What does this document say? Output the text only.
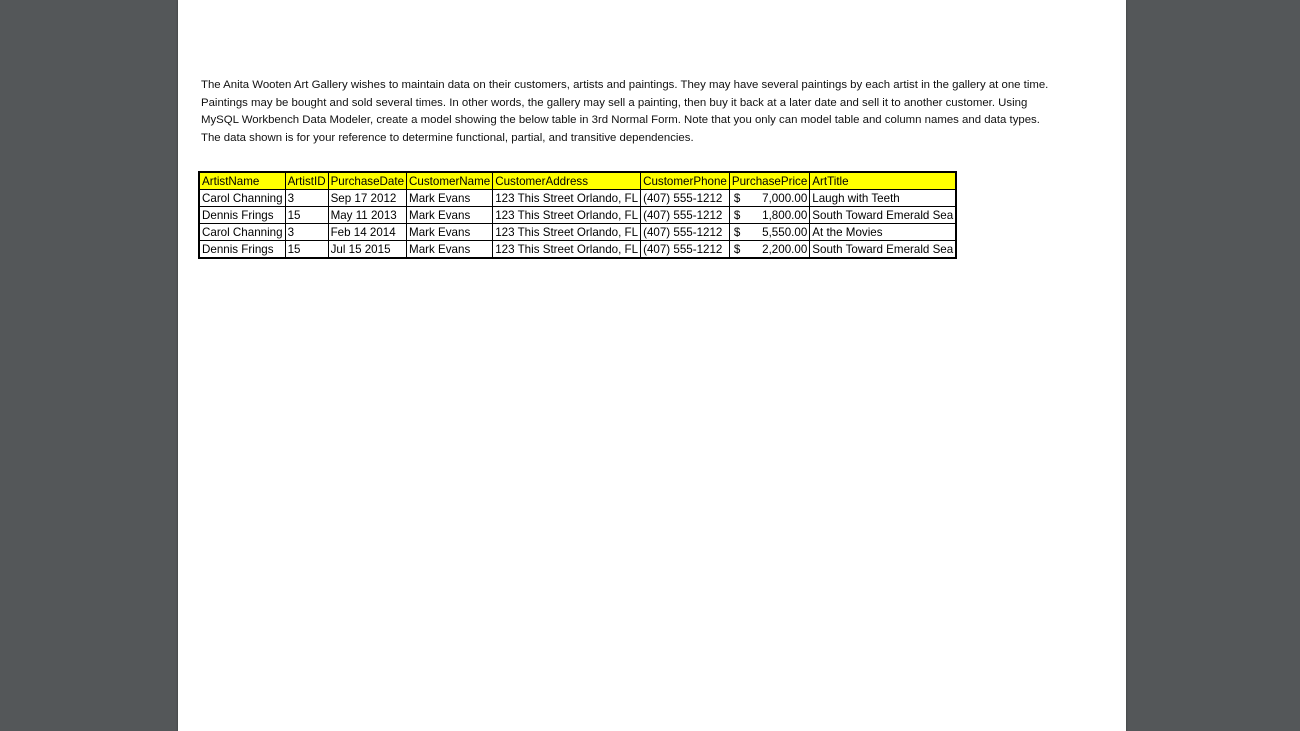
The Anita Wooten Art Gallery wishes to maintain data on their customers, artists and paintings. They may have several paintings by each artist in the gallery at one time. Paintings may be bought and sold several times. In other words, the gallery may sell a painting, then buy it back at a later date and sell it to another customer. Using MySQL Workbench Data Modeler, create a model showing the below table in 3rd Normal Form. Note that you only can model table and column names and data types. The data shown is for your reference to determine functional, partial, and transitive dependencies.

ArtistName	ArtistID	PurchaseDate	CustomerName	CustomerAddress	CustomerPhone	PurchasePrice	ArtTitle
Carol Channing	3	Sep 17 2012	Mark Evans	123 This Street Orlando, FL	(407) 555-1212	$ 7,000.00	Laugh with Teeth
Dennis Frings	15	May 11 2013	Mark Evans	123 This Street Orlando, FL	(407) 555-1212	$ 1,800.00	South Toward Emerald Sea
Carol Channing	3	Feb 14 2014	Mark Evans	123 This Street Orlando, FL	(407) 555-1212	$ 5,550.00	At the Movies
Dennis Frings	15	Jul 15 2015	Mark Evans	123 This Street Orlando, FL	(407) 555-1212	$ 2,200.00	South Toward Emerald Sea
